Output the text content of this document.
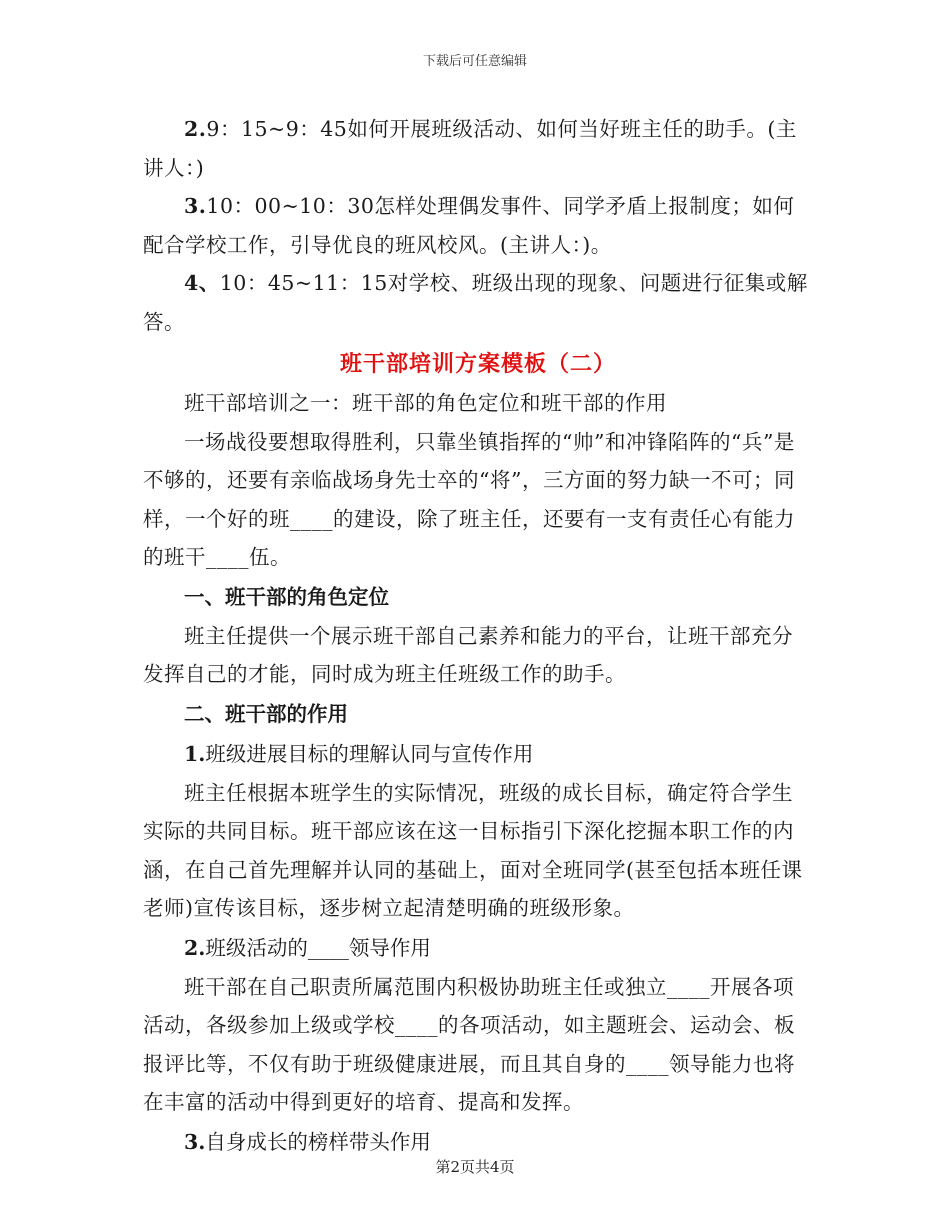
下载后可任意编辑

2.9：15~9：45如何开展班级活动、如何当好班主任的助手。(主讲人：)

3.10：00~10：30怎样处理偶发事件、同学矛盾上报制度；如何配合学校工作，引导优良的班风校风。(主讲人：)。

4、10：45~11：15对学校、班级出现的现象、问题进行征集或解答。

班干部培训方案模板（二）

班干部培训之一：班干部的角色定位和班干部的作用

一场战役要想取得胜利，只靠坐镇指挥的“帅”和冲锋陷阵的“兵”是不够的，还要有亲临战场身先士卒的“将”，三方面的努力缺一不可；同样，一个好的班____的建设，除了班主任，还要有一支有责任心有能力的班干____伍。

一、班干部的角色定位

班主任提供一个展示班干部自己素养和能力的平台，让班干部充分发挥自己的才能，同时成为班主任班级工作的助手。

二、班干部的作用

1.班级进展目标的理解认同与宣传作用

班主任根据本班学生的实际情况，班级的成长目标，确定符合学生实际的共同目标。班干部应该在这一目标指引下深化挖掘本职工作的内涵，在自己首先理解并认同的基础上，面对全班同学(甚至包括本班任课老师)宣传该目标，逐步树立起清楚明确的班级形象。

2.班级活动的____领导作用

班干部在自己职责所属范围内积极协助班主任或独立____开展各项活动，各级参加上级或学校____的各项活动，如主题班会、运动会、板报评比等，不仅有助于班级健康进展，而且其自身的____领导能力也将在丰富的活动中得到更好的培育、提高和发挥。

3.自身成长的榜样带头作用

第2页共4页
